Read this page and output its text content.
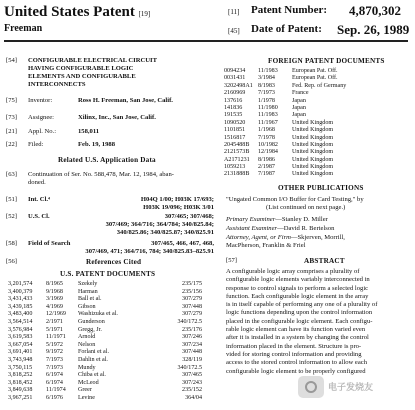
United States Patent [19]
Freeman
[11] Patent Number: 4,870,302
[45] Date of Patent: Sep. 26, 1989
[54] CONFIGURABLE ELECTRICAL CIRCUIT
HAVING CONFIGURABLE LOGIC
ELEMENTS AND CONFIGURABLE
INTERCONNECTS
[75] Inventor:	Ross H. Freeman, San Jose, Calif.
[73] Assignee:	Xilinx, Inc., San Jose, Calif.
[21] Appl. No.:	158,011
[22] Filed:	Feb. 19, 1988
Related U.S. Application Data
[63] Continuation of Ser. No. 588,478, Mar. 12, 1984, aban-
doned.
[51] Int. Cl.⁴	H04Q 1/00; H03K 17/693;
H03K 19/096; H03K 3/01
[52] U.S. Cl.	307/465; 307/468;
307/469; 364/716; 364/784; 340/825.84;
340/825.86; 340/825.87; 340/825.91
[58] Field of Search	307/465, 466, 467, 468,
307/469, 471; 364/716, 784; 340/825.83–825.91
[56]	References Cited
U.S. PATENT DOCUMENTS
3,201,574 8/1965 Szekely	235/175
3,400,379 9/1968 Harman	235/156
3,431,433 3/1969 Ball et al.	307/279
3,439,185 4/1969 Gibson	307/448
3,483,400 12/1969 Washizuka et al.	307/279
3,564,514 2/1971 Gunderson	340/172.5
3,576,984 5/1971 Gregg, Jr.	235/176
3,619,583 11/1971 Arnold	307/246
3,667,054 5/1972 Nelson	307/234
3,691,401 9/1972 Forlani et al.	307/448
3,743,948 7/1973 Dahlin et al.	328/119
3,750,115 7/1973 Mundy	340/172.5
3,818,252 6/1974 Chiba et al.	307/465
3,818,452 6/1974 McLeod	307/243
3,849,638 11/1974 Greer	235/152
3,967,251 6/1976 Levine	364/04
FOREIGN PATENT DOCUMENTS
0094234 11/1983 European Pat. Off.
0031431 3/1984	European Pat. Off.
3202498A1 8/1983	Fed. Rep. of Germany
2160969 7/1973	France
137616	1/1978	Japan
141836	11/1980 Japan
191535	11/1983 Japan
1090520 11/1967 United Kingdom
1101851 1/1968	United Kingdom
1516817 7/1978	United Kingdom
2045488B 10/1982 United Kingdom
2121573B 12/1984 United Kingdom
A2171231 8/1986	United Kingdom
1059213 2/1987	United Kingdom
2131888B 7/1987	United Kingdom
OTHER PUBLICATIONS
"Ungated Common I/O Buffer for Card Testing," by
(List continued on next page.)
Primary Examiner—Stanley D. Miller
Assistant Examiner—David R. Bertelson
Attorney, Agent, or Firm—Skjerven, Morrill,
MacPherson, Franklin & Friel
[57]	ABSTRACT
A configurable logic array comprises a plurality of
configurable logic elements variably interconnected in
response to control signals to perform a selected logic
function. Each configurable logic element in the array
is in itself capable of performing any one of a plurality of
logic functions depending upon the control information
placed in the configurable logic element. Each configu-
rable logic element can have its function varied even
after it is installed in a system by changing the control
information placed in the element. Structure is pro-
vided for storing control information and providing
access to the stored control information to allow each
configurable logic element to be properly configured
电子发烧友
